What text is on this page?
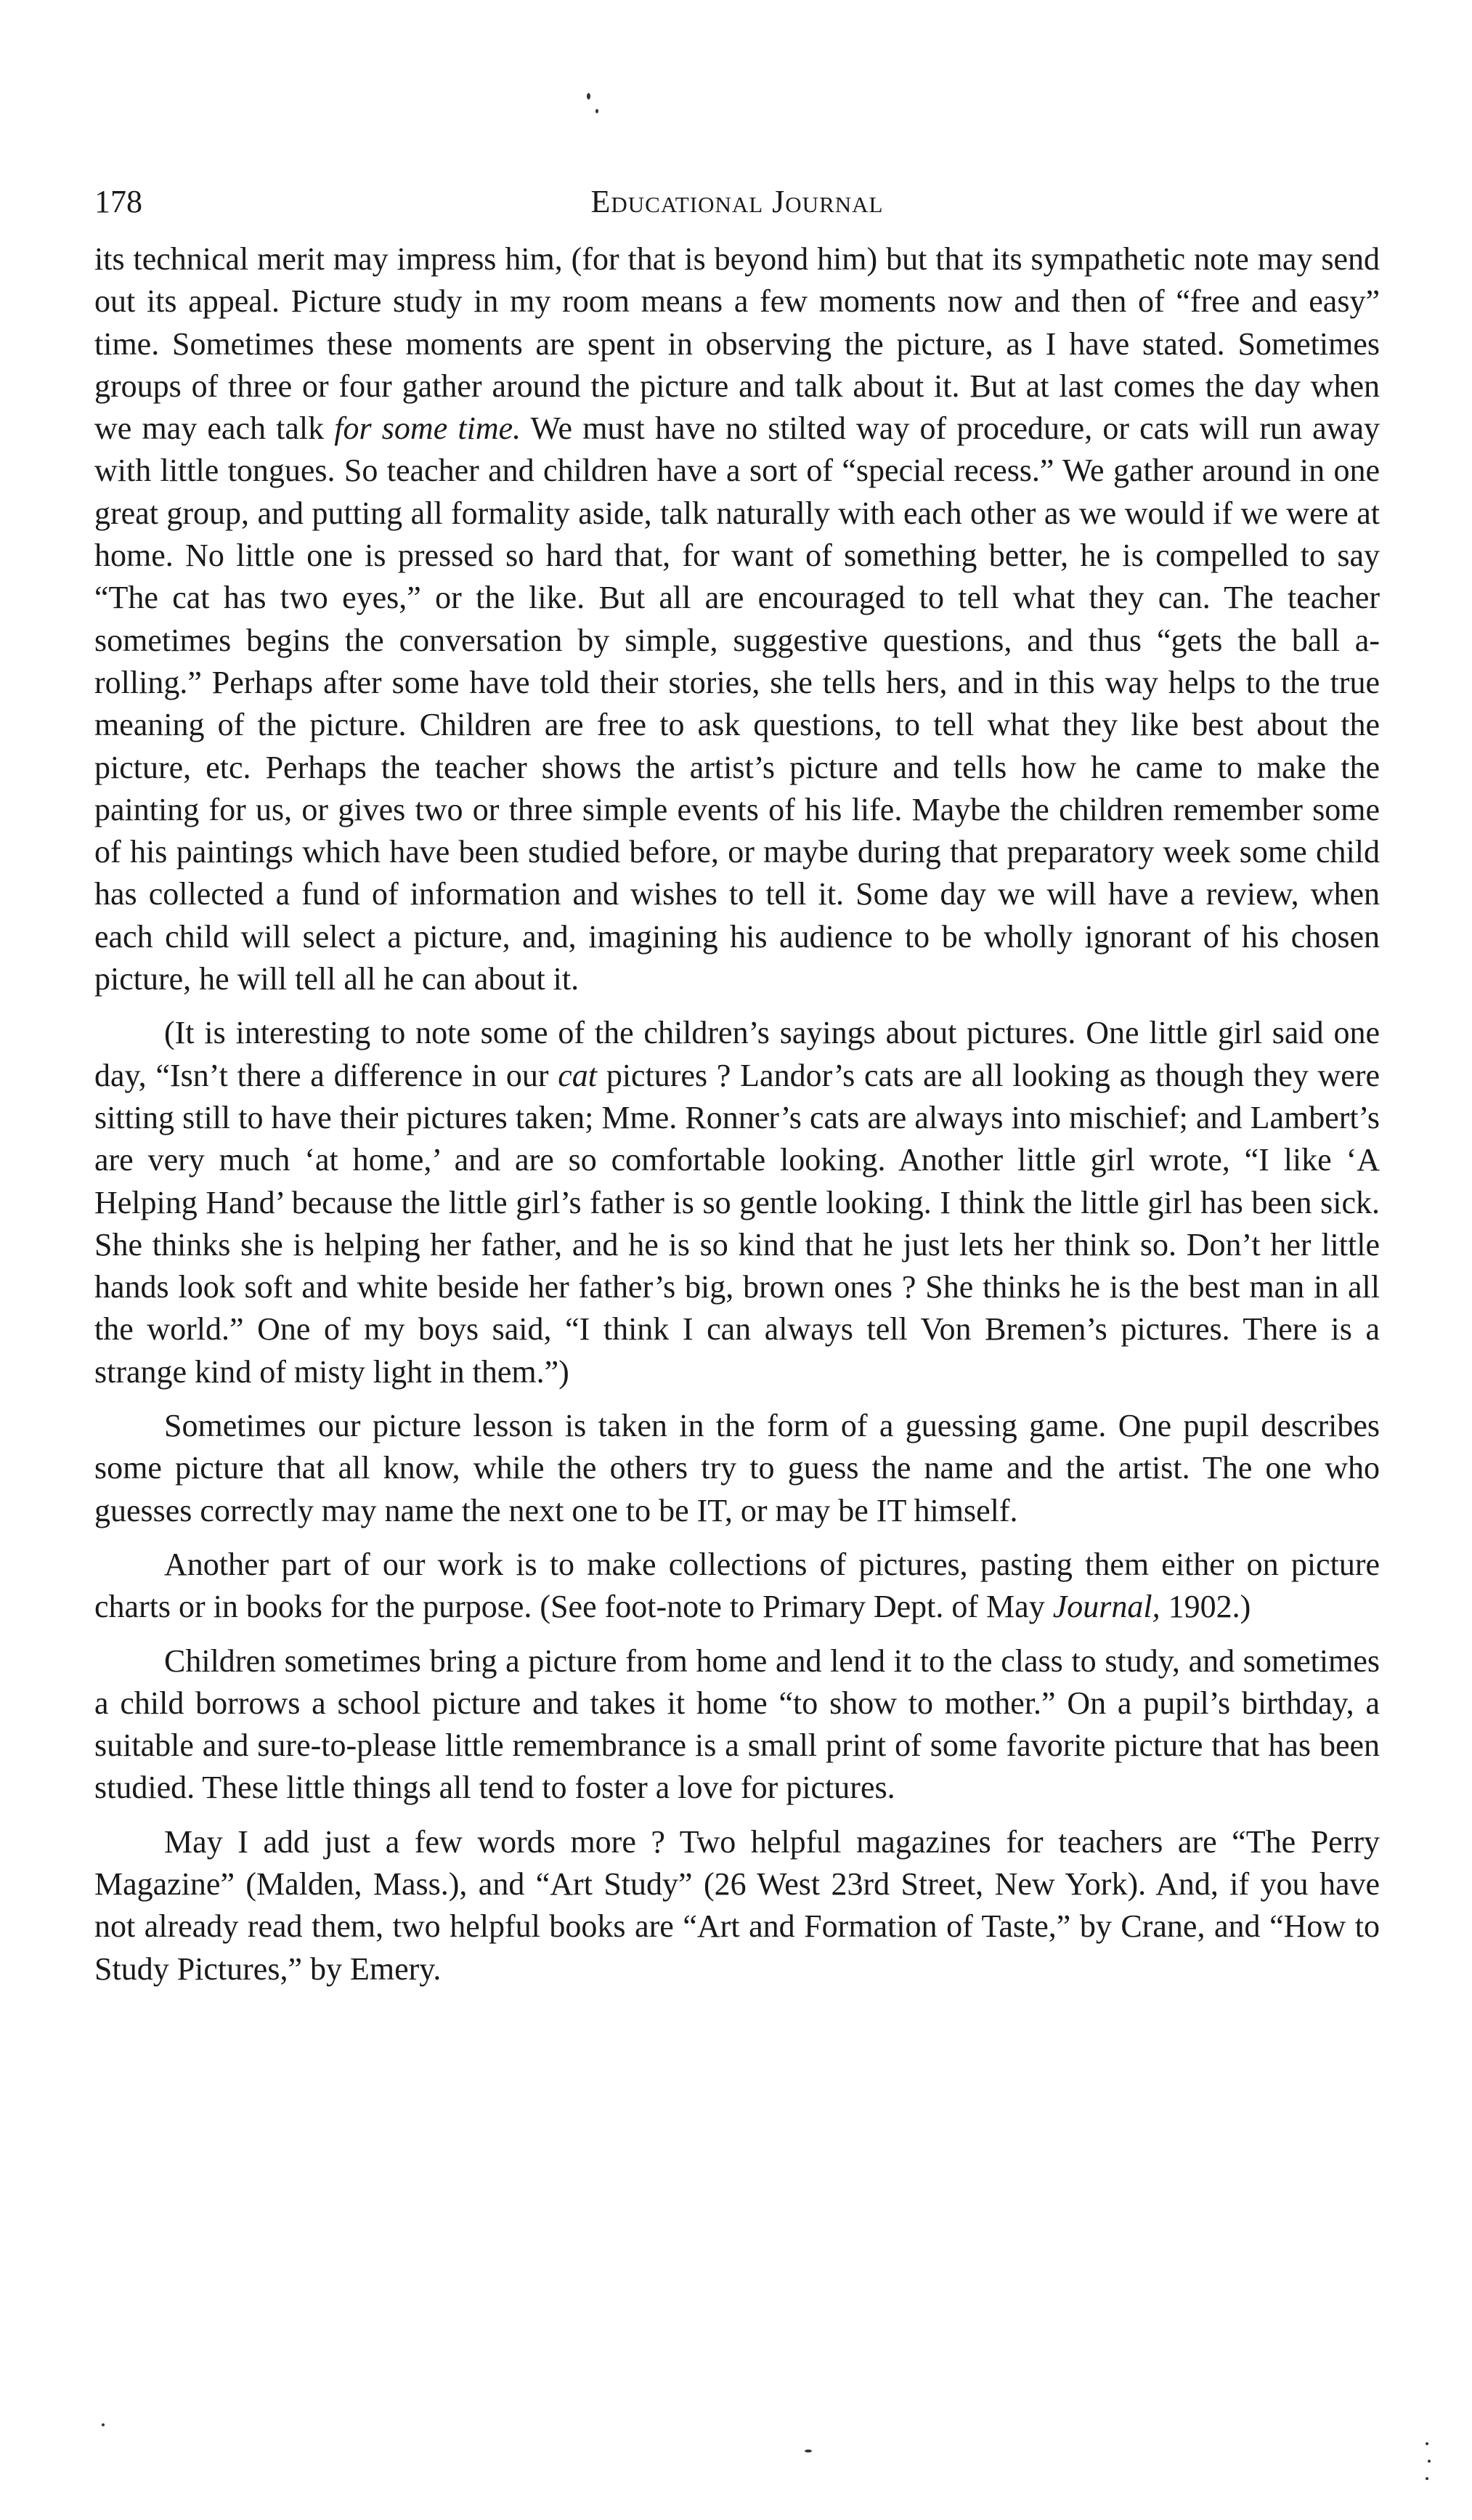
178	Educational Journal

its technical merit may impress him, (for that is beyond him) but that its sympathetic note may send out its appeal. Picture study in my room means a few moments now and then of “free and easy” time. Sometimes these moments are spent in observing the picture, as I have stated. Sometimes groups of three or four gather around the picture and talk about it. But at last comes the day when we may each talk for some time. We must have no stilted way of procedure, or cats will run away with little tongues. So teacher and children have a sort of “special recess.” We gather around in one great group, and putting all formality aside, talk naturally with each other as we would if we were at home. No little one is pressed so hard that, for want of something better, he is compelled to say “The cat has two eyes,” or the like. But all are encouraged to tell what they can. The teacher sometimes begins the conversation by simple, suggestive questions, and thus “gets the ball a-rolling.” Perhaps after some have told their stories, she tells hers, and in this way helps to the true meaning of the picture. Children are free to ask questions, to tell what they like best about the picture, etc. Perhaps the teacher shows the artist’s picture and tells how he came to make the painting for us, or gives two or three simple events of his life. Maybe the children remember some of his paintings which have been studied before, or maybe during that preparatory week some child has collected a fund of information and wishes to tell it. Some day we will have a review, when each child will select a picture, and, imagining his audience to be wholly ignorant of his chosen picture, he will tell all he can about it.

(It is interesting to note some of the children’s sayings about pictures. One little girl said one day, “Isn’t there a difference in our cat pictures ? Landor’s cats are all looking as though they were sitting still to have their pictures taken; Mme. Ronner’s cats are always into mischief; and Lambert’s are very much ‘at home,’ and are so comfortable looking. Another little girl wrote, “I like ‘A Helping Hand’ because the little girl’s father is so gentle looking. I think the little girl has been sick. She thinks she is helping her father, and he is so kind that he just lets her think so. Don’t her little hands look soft and white beside her father’s big, brown ones ? She thinks he is the best man in all the world.” One of my boys said, “I think I can always tell Von Bremen’s pictures. There is a strange kind of misty light in them.”)

Sometimes our picture lesson is taken in the form of a guessing game. One pupil describes some picture that all know, while the others try to guess the name and the artist. The one who guesses correctly may name the next one to be IT, or may be IT himself.

Another part of our work is to make collections of pictures, pasting them either on picture charts or in books for the purpose. (See foot-note to Primary Dept. of May Journal, 1902.)

Children sometimes bring a picture from home and lend it to the class to study, and sometimes a child borrows a school picture and takes it home “to show to mother.” On a pupil’s birthday, a suitable and sure-to-please little remembrance is a small print of some favorite picture that has been studied. These little things all tend to foster a love for pictures.

May I add just a few words more ? Two helpful magazines for teachers are “The Perry Magazine” (Malden, Mass.), and “Art Study” (26 West 23rd Street, New York). And, if you have not already read them, two helpful books are “Art and Formation of Taste,” by Crane, and “How to Study Pictures,” by Emery.
